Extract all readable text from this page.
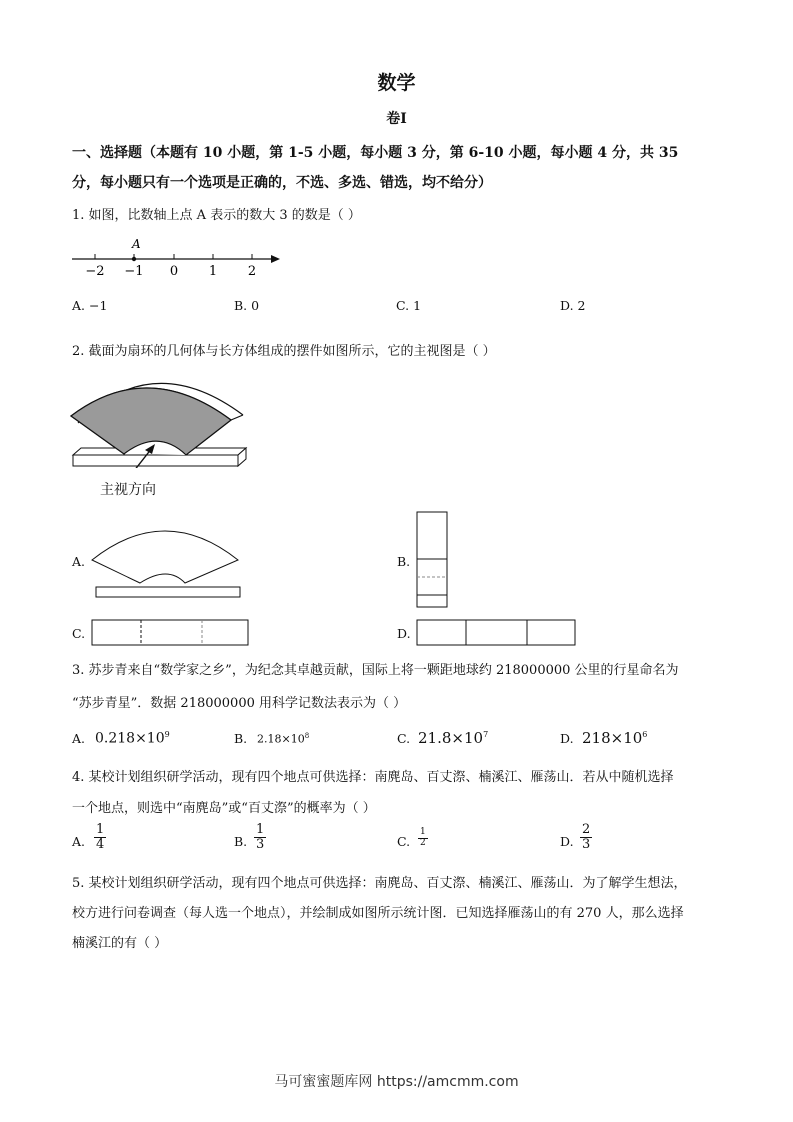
数学
卷Ⅰ
一、选择题（本题有 10 小题，第 1-5 小题，每小题 3 分，第 6-10 小题，每小题 4 分，共 35
分，每小题只有一个选项是正确的，不选、多选、错选，均不给分）
1. 如图，比数轴上点 A 表示的数大 3 的数是（ ）
A
−2 −1 0 1 2
A. −1	B. 0	C. 1	D. 2
2. 截面为扇环的几何体与长方体组成的摆件如图所示，它的主视图是（ ）
主视方向
A.	B.
C.	D.
3. 苏步青来自“数学家之乡”，为纪念其卓越贡献，国际上将一颗距地球约 218000000 公里的行星命名为
“苏步青星”．数据 218000000 用科学记数法表示为（ ）
A. $0.218\times 10^9$	B. $2.18\times 10^8$	C. $21.8\times 10^7$	D. $218\times 10^6$
4. 某校计划组织研学活动，现有四个地点可供选择：南麂岛、百丈漈、楠溪江、雁荡山．若从中随机选择
一个地点，则选中“南麂岛”或“百丈漈”的概率为（ ）
A. $\frac{1}{4}$	B. $\frac{1}{3}$	C. $\frac{1}{2}$	D. $\frac{2}{3}$
5. 某校计划组织研学活动，现有四个地点可供选择：南麂岛、百丈漈、楠溪江、雁荡山．为了解学生想法，
校方进行问卷调查（每人选一个地点），并绘制成如图所示统计图．已知选择雁荡山的有 270 人，那么选择
楠溪江的有（ ）
马可蜜蜜题库网 https://amcmm.com
